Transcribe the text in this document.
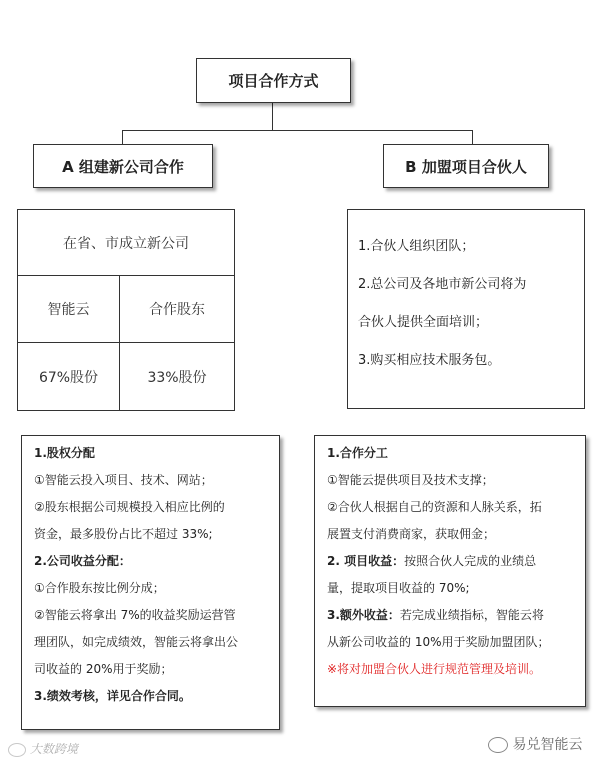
项目合作方式
A 组建新公司合作	B 加盟项目合伙人
在省、市成立新公司
智能云	合作股东
67%股份	33%股份
1.合伙人组织团队；
2.总公司及各地市新公司将为
合伙人提供全面培训；
3.购买相应技术服务包。
1.股权分配
①智能云投入项目、技术、网站；
②股东根据公司规模投入相应比例的
资金，最多股份占比不超过 33%;
2.公司收益分配：
①合作股东按比例分成；
②智能云将拿出 7%的收益奖励运营管
理团队，如完成绩效，智能云将拿出公
司收益的 20%用于奖励；
3.绩效考核，详见合作合同。
1.合作分工
①智能云提供项目及技术支撑；
②合伙人根据自己的资源和人脉关系，拓
展置支付消费商家，获取佣金；
2. 项目收益：按照合伙人完成的业绩总
量，提取项目收益的 70%;
3.额外收益：若完成业绩指标，智能云将
从新公司收益的 10%用于奖励加盟团队；
※将对加盟合伙人进行规范管理及培训。
大数跨境	易兑智能云
